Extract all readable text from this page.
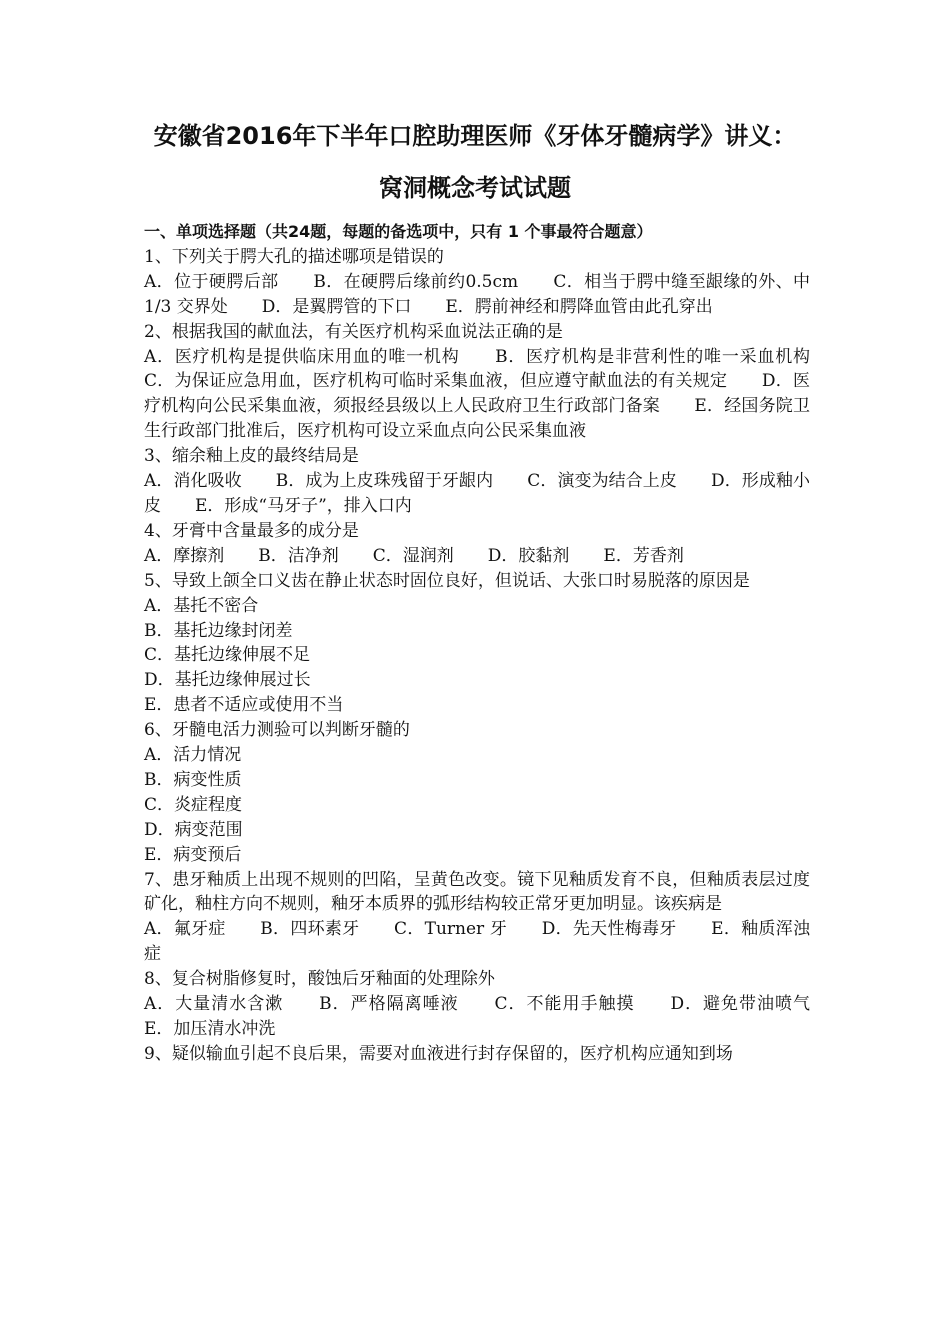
安徽省2016年下半年口腔助理医师《牙体牙髓病学》讲义：
窝洞概念考试试题

一、单项选择题（共24题，每题的备选项中，只有 1 个事最符合题意）

1、下列关于腭大孔的描述哪项是错误的

A．位于硬腭后部　　B．在硬腭后缘前约0.5cm　　C．相当于腭中缝至龈缘的外、中 1/3 交界处　　D．是翼腭管的下口　　E．腭前神经和腭降血管由此孔穿出

2、根据我国的献血法，有关医疗机构采血说法正确的是

A．医疗机构是提供临床用血的唯一机构　　B．医疗机构是非营利性的唯一采血机构　　C．为保证应急用血，医疗机构可临时采集血液，但应遵守献血法的有关规定　　D．医疗机构向公民采集血液，须报经县级以上人民政府卫生行政部门备案　　E．经国务院卫生行政部门批准后，医疗机构可设立采血点向公民采集血液

3、缩余釉上皮的最终结局是

A．消化吸收　　B．成为上皮珠残留于牙龈内　　C．演变为结合上皮　　D．形成釉小皮　　E．形成“马牙子”，排入口内

4、牙膏中含量最多的成分是

A．摩擦剂　　B．洁净剂　　C．湿润剂　　D．胶黏剂　　E．芳香剂

5、导致上颌全口义齿在静止状态时固位良好，但说话、大张口时易脱落的原因是

A．基托不密合

B．基托边缘封闭差

C．基托边缘伸展不足

D．基托边缘伸展过长

E．患者不适应或使用不当

6、牙髓电活力测验可以判断牙髓的

A．活力情况

B．病变性质

C．炎症程度

D．病变范围

E．病变预后

7、患牙釉质上出现不规则的凹陷，呈黄色改变。镜下见釉质发育不良，但釉质表层过度矿化，釉柱方向不规则，釉牙本质界的弧形结构较正常牙更加明显。该疾病是

A．氟牙症　　B．四环素牙　　C．Turner 牙　　D．先天性梅毒牙　　E．釉质浑浊症

8、复合树脂修复时，酸蚀后牙釉面的处理除外

A．大量清水含漱　　B．严格隔离唾液　　C．不能用手触摸　　D．避免带油喷气　　E．加压清水冲洗

9、疑似输血引起不良后果，需要对血液进行封存保留的，医疗机构应通知到场
